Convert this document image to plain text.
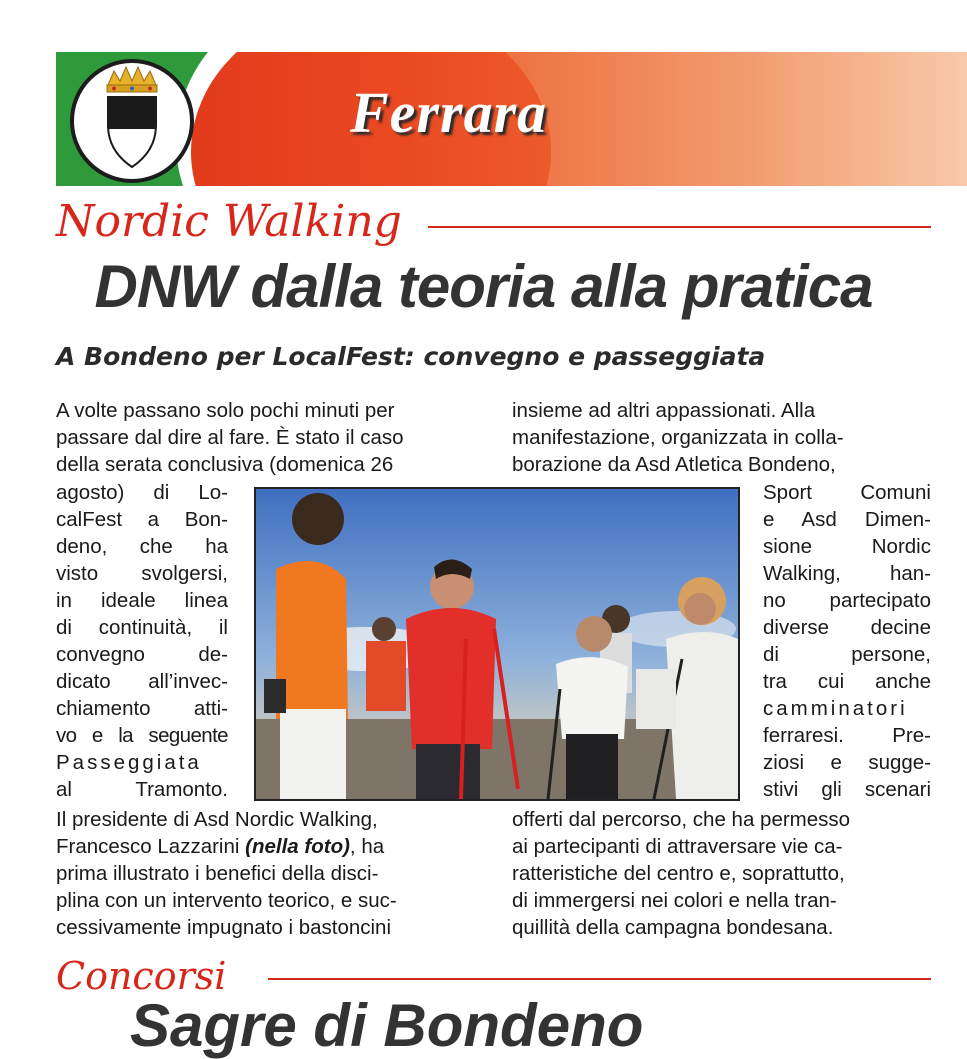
Ferrara
Nordic Walking
DNW dalla teoria alla pratica
A Bondeno per LocalFest: convegno e passeggiata
A volte passano solo pochi minuti per
passare dal dire al fare. È stato il caso
della serata conclusiva (domenica 26
agosto) di Lo-
calFest a Bon-
deno, che ha
visto svolgersi,
in ideale linea
di continuità, il
convegno de-
dicato all’invec-
chiamento atti-
vo e la seguente
Passeggiata
al Tramonto.
Il presidente di Asd Nordic Walking,
Francesco Lazzarini (nella foto), ha
prima illustrato i benefici della disci-
plina con un intervento teorico, e suc-
cessivamente impugnato i bastoncini
insieme ad altri appassionati. Alla
manifestazione, organizzata in colla-
borazione da Asd Atletica Bondeno,
Sport Comuni
e Asd Dimen-
sione Nordic
Walking, han-
no partecipato
diverse decine
di persone,
tra cui anche
camminatori
ferraresi. Pre-
ziosi e sugge-
stivi gli scenari
offerti dal percorso, che ha permesso
ai partecipanti di attraversare vie ca-
ratteristiche del centro e, soprattutto,
di immergersi nei colori e nella tran-
quillità della campagna bondesana.
Concorsi
Sagre di Bondeno
